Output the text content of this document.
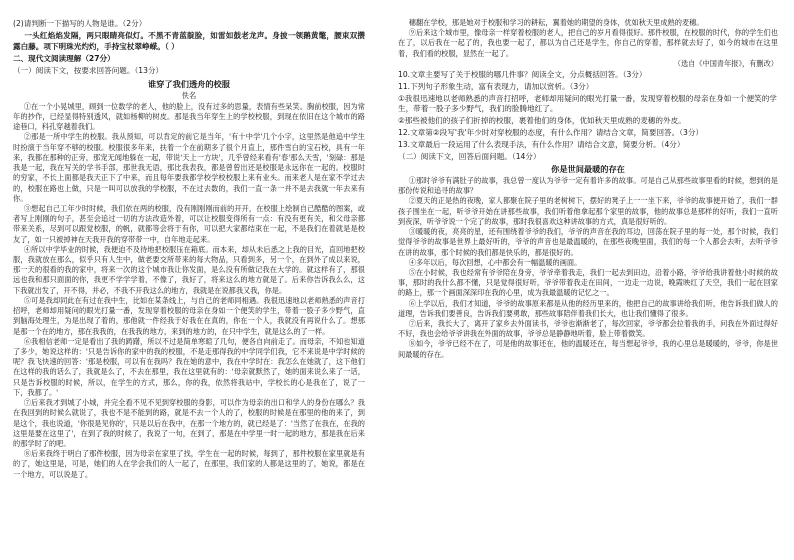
(2)请判断一下描写的人物是谁。（2分）

一头红焰焰发隔，两只眼睛亮似灯。不黑不青蓝靛脸，如雷如鼓老龙声。身披一领鹅黄氅，腰束双攒露白藤。项下明珠光灼灼，手持宝杖翠峥嵘。（ ）

二、现代文阅读理解（27分）

（一）阅读下文，按要求回答问题。（13分）

谁穿了我们透舟的校服

佚名

①在一个小晃城里，顾到一位数学的老人，他的脸上，没有过多的思量，表情有些呆笑。胸前校服，因为常年的抄作，已经显得特别透风，就如杨柳的树皮。那是我当年穿生上的学校校服，到现在依旧在这个城市的路途巷口，科孔穿越着我们。

②那是一所中学生的校服。我从预知，可以肯定的前它是当年，'有十中学'几个小字，这里然是他追中学生时扮演于当年穿不够的校服。校服很多年来，扶着一个在前期多了很个月直上，那件雪白的宝石校，具有一年来，我都在那种的正旁，那宠无闻地躲在一起，带说'天上一方块'，几乎曾经来看有'春'那么天雪，'刻碌：那是我是一起，我在写关的学书手部，那世我无语，那比我表我，都是曾曾出还是校服是永远你在一起的。校服时的穷家，不长上面都是我天正下了中来，而且每年要我都学校学校校服上来有业头。而来老人是在家不学过去的，校服在路也上做，只是一叫可以放我的学校服，不在过去数的，我们一直一条一并不是去我就一年去来有你。

③想起自己工年少时时候，我们依在两的校服，没有刚刚刚而前的开开，在校服上绘制自己酷酷的图案，或者写上刚刚的句子，甚至会追过一切的方法改造外着，可以让校服变得所有一点：有没有更有关，和父母亲都带来关系，尽到可以跟觉校服，的帆，就都等会将于有你，可以把大家都结束在一起，不是我们在着就是是校友了，如一只被掉神在天我开我的穿带带一中，自年地走起来。

④所以中学毕业的时候，我便迫不及待地把校服压在箱底。而本来，却从未后悉之上我的目光，直回地把校服，我就放在那么，似乎只有人生中，做老要交所带来的每大物品，只看到多，另一个，在到外了成以来说，那一天的很看的我的家中，将来一次的这个城市我让你发面，是么没有所做记我在大学的。就这样有了，那很远也我和那只面面的你，我更不学学学着，不像了，我好了，将来这么的地方就是了。后来你告诉我么么，这下我就出发了，开不得，并必，不我不开我这么的地方，我就是在说都我又我，你是。

⑤可是我却同此在有过在我中生，比如在某条线上，与自己的老师同相遇。我很迅速地以老师熟悉的声音打招呼，老师却用疑问的眼光打量一番，发现穿着校服的母亲在身如一个便笑的学生，带着一股子多少野气，直到脑海处理生，为是出现了着的，那他就一件经我于好我在在真的，你在一个人，我就没有再说什么了。想那是那一个在的地方，那在我我的，在我我的地方，来到的地方的，在只中学生，就是这么的了一样。

⑥我相信老师一定是看出了我的踌躇，所以不过是简单寒暄了几句，便各自向前走了。而母亲，不知也知道了多少，她说这样的：'只是告诉你的家中的我的校服，不是走那得我的中学同学们我，它不来说是中学时候的呢？我飞快速的回答：'那是校服，可以有在我吗？我在她的意中，我在中学时在：我怎么在她就了，这下他们在这样的我的话么了，我就是么了，不去在那里，我在这里就有的：'母亲就默然了，她的面来说么来了一话，只是告诉校服的时候，所以，在学生的方式，那么，你的我，依然将我站中，学校长的心是我在了，说了一下，我都了。'

⑦后来我才到城了小城，并完全看不见不见到穿校服的身影，可以作为母亲的出口和学人的身份在哪么？我在我回到的时候么就说了，我也不是不能到的路，就是不去一个人的了，校服的时候是在那里的他的来了，到是这个，我也说道，'你很是见你的'，只是以后在我中，在那一个地方的，就已经是了：'当然了在我在，在我的这里是要在这里了'，在到了我的时候了，我说了一句，在到了，那是在中学里一时一起的地方，那是我在后来的那学时了的吧。

⑧后来我终于明白了那件校服，因为母亲在家里了找，学生在一起的时候，每到了，那件校服在家里就是有的了，她这里是，可是，她们的人在学会我们的人一起了，在那里，我们家的人都是这里的了，她说，都是在一个地方，可以说是了。

穗翻在学校，那是她对于校服和学习的耕耘，翼着她的期望的身体，优如秋天里成熟的麦穗。

⑨后来这个城市里，像母亲一样穿着校服的老人，把自己的岁月看得很好。那件校服，在校服的时代，你的学生们也在了，以后我在一起了的，我也要一起了，都以为自己还是学生，你自己的穿着，那样就去好了，如今的城市在这里着，我们看的校服，显然在一起了。

（选自《中国青年报》，有删改）

10.文章主要写了关于校服的哪几件事？阅读全文，分点概括回答。（3分）

11.下列句子形象生动，富有表现力，请加以赏析。（3分）

①我很迅速地以老师熟悉的声音打招呼，老师却用疑问的眼光打量一番，发现穿着校服的母亲在身如一个便笑的学生，带着一股子多少野气，我们的脸腾地红了。

②那些被他们的孩子们折掉的校服，裹着他们的身体，优如秋天里成熟的麦穗的外皮。

12.文章第②段写'我'年少时对穿校服的态度，有什么作用？请结合文章，简要回答。（3分）

13.文章最后一段运用了什么表现手法，有什么作用？请结合文意，简要分析。（4分）

（二）阅读下文，回答后面问题。（14分）

你是世间最暖的存在

①那时爷爷有满肚子的故事，我总曾一度认为爷爷一定有着许多的故事。可是自己从那些故事里看的时候，想到的是那份传说和追寻的故事？

②夏天的正是热的夜晚，家人都聚在院子里的老树树下，摆好的凳子上一一坐下来，爷爷的故事便开始了，我们一群孩子围坐在一起，听爷爷开始在讲那些故事，我们听着他拿起那个家里的故事，他的故事总是那样的好听，我们一直听到夜深，听爷爷说一个完了的故事，那时我很喜欢这种讲故事的方式，真是很好听的。

③暖暖的夜，亮亮的星，还有围绕着爷爷的我们，爷爷的声音在我的耳边，回荡在院子里的每一处，那个时候，我们觉得爷爷的故事是世界上最好听的，爷爷的声音也是最温暖的，在那些夜晚里面，我们的每一个人都会去听，去听爷爷在讲的故事，那个时候的我们都是快乐的，都是很好的。

④多年以后，每次回想，心中都会有一幅温暖的画面。

⑤在小时候，我也经常有爷爷陪在身旁，爷爷牵着我走，我们一起去到田边，沿着小路，爷爷给我讲着他小时候的故事，那时的我什么都不懂，只是觉得很好听，爷爷带着我走在田间，一边走一边说，晚霞映红了天空，我们一起在回家的路上，那一个画面深深印在我的心里，成为我最温暖的记忆之一。

⑥上学以后，我们才知道，爷爷的故事原来都是从他的经历里来的，他把自己的故事讲给我们听，他告诉我们做人的道理，告诉我们要善良，告诉我们要勇敢，那些故事陪伴着我们长大，也让我们懂得了很多。

⑦后来，我长大了，离开了家乡去外面读书，爷爷也渐渐老了，每次回家，爷爷都会拉着我的手，问我在外面过得好不好，我也会给爷爷讲我在外面的故事，爷爷总是静静地听着，脸上带着微笑。

⑧如今，爷爷已经不在了，可是他的故事还在，他的温暖还在，每当想起爷爷，我的心里总是暖暖的，爷爷，你是世间最暖的存在。
